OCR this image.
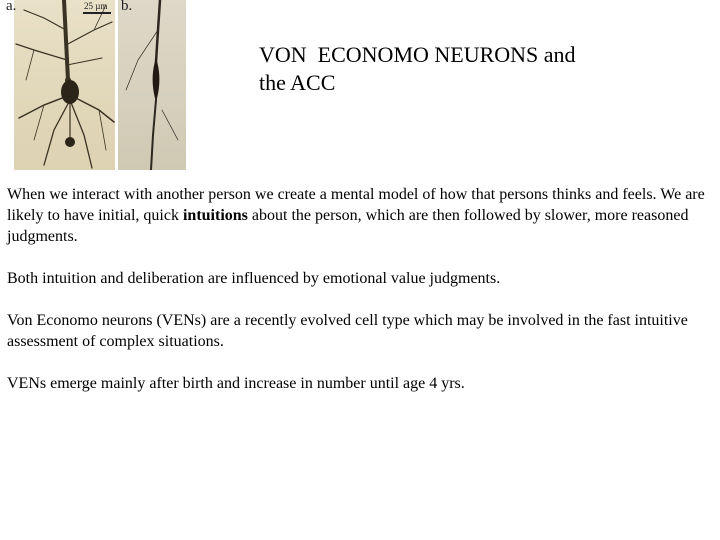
a.	b.
25 µm
VON  ECONOMO NEURONS and
the ACC

When we interact with another person we create a mental model of how that persons thinks and feels. We are likely to have initial, quick intuitions about the person, which are then followed by slower, more reasoned judgments.

Both intuition and deliberation are influenced by emotional value judgments.

Von Economo neurons (VENs) are a recently evolved cell type which may be involved in the fast intuitive assessment of complex situations.

VENs emerge mainly after birth and increase in number until age 4 yrs.
